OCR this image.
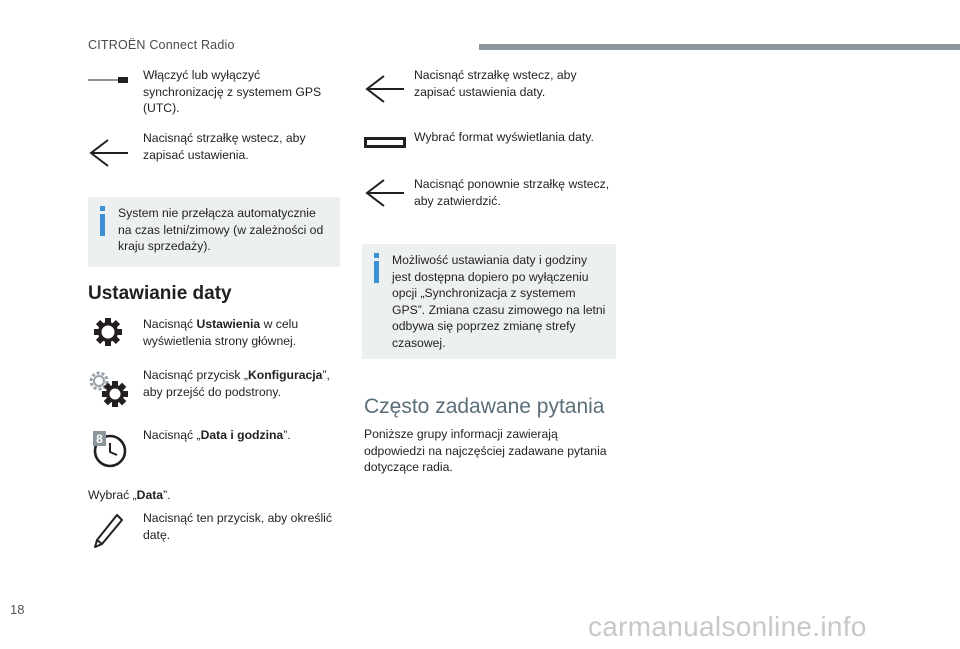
CITROËN Connect Radio
Włączyć lub wyłączyć synchronizację z systemem GPS (UTC).
Nacisnąć strzałkę wstecz, aby zapisać ustawienia.
System nie przełącza automatycznie na czas letni/zimowy (w zależności od kraju sprzedaży).
Ustawianie daty
Nacisnąć Ustawienia w celu wyświetlenia strony głównej.
Nacisnąć przycisk „Konfiguracja”, aby przejść do podstrony.
8	Nacisnąć „Data i godzina”.
Wybrać „Data”.
Nacisnąć ten przycisk, aby określić datę.
Nacisnąć strzałkę wstecz, aby zapisać ustawienia daty.
Wybrać format wyświetlania daty.
Nacisnąć ponownie strzałkę wstecz, aby zatwierdzić.
Możliwość ustawiania daty i godziny jest dostępna dopiero po wyłączeniu opcji „Synchronizacja z systemem GPS”. Zmiana czasu zimowego na letni odbywa się poprzez zmianę strefy czasowej.
Często zadawane pytania
Poniższe grupy informacji zawierają odpowiedzi na najczęściej zadawane pytania dotyczące radia.
18
carmanualsonline.info
